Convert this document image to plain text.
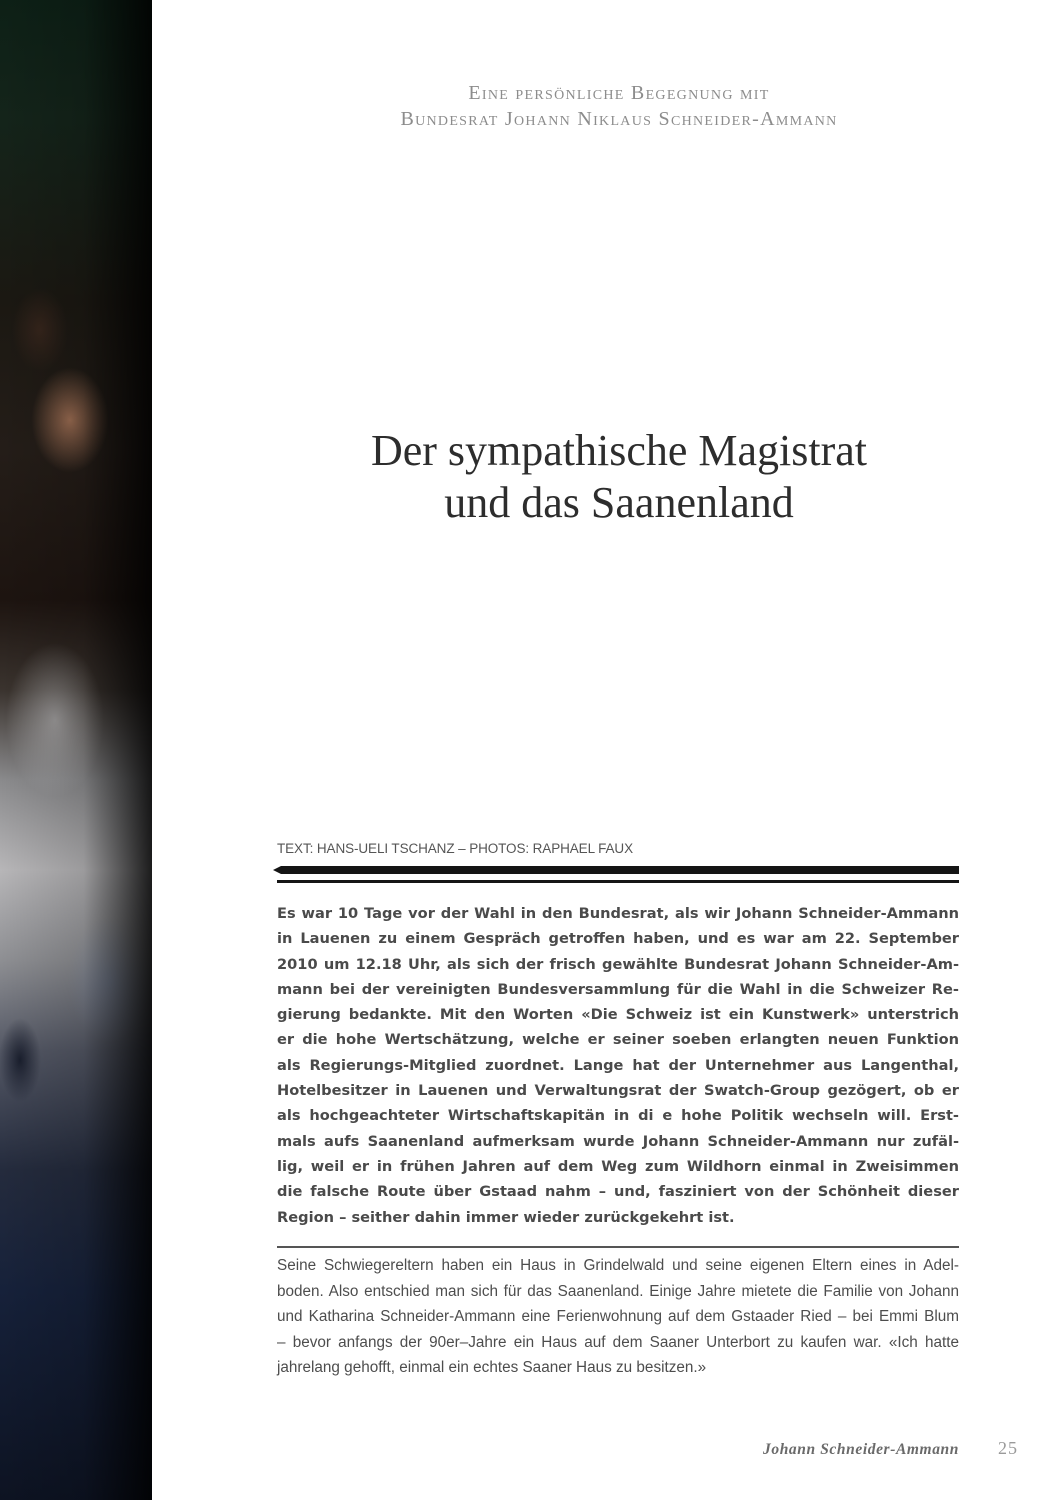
Eine persönliche Begegnung mit
Bundesrat Johann Niklaus Schneider-Ammann
Der sympathische Magistrat
und das Saanenland
TEXT: HANS-UELI TSCHANZ – PHOTOS: RAPHAEL FAUX
Es war 10 Tage vor der Wahl in den Bundesrat, als wir Johann Schneider-Ammann
in Lauenen zu einem Gespräch getroffen haben, und es war am 22. September
2010 um 12.18 Uhr, als sich der frisch gewählte Bundesrat Johann Schneider-Am-
mann bei der vereinigten Bundesversammlung für die Wahl in die Schweizer Re-
gierung bedankte. Mit den Worten «Die Schweiz ist ein Kunstwerk» unterstrich
er die hohe Wertschätzung, welche er seiner soeben erlangten neuen Funktion
als Regierungs-Mitglied zuordnet. Lange hat der Unternehmer aus Langenthal,
Hotelbesitzer in Lauenen und Verwaltungsrat der Swatch-Group gezögert, ob er
als hochgeachteter Wirtschaftskapitän in di e hohe Politik wechseln will. Erst-
mals aufs Saanenland aufmerksam wurde Johann Schneider-Ammann nur zufäl-
lig, weil er in frühen Jahren auf dem Weg zum Wildhorn einmal in Zweisimmen
die falsche Route über Gstaad nahm – und, fasziniert von der Schönheit dieser
Region – seither dahin immer wieder zurückgekehrt ist.
Seine Schwiegereltern haben ein Haus in Grindelwald und seine eigenen Eltern eines in Adel-
boden. Also entschied man sich für das Saanenland. Einige Jahre mietete die Familie von Johann
und Katharina Schneider-Ammann eine Ferienwohnung auf dem Gstaader Ried – bei Emmi Blum
– bevor anfangs der 90er–Jahre ein Haus auf dem Saaner Unterbort zu kaufen war. «Ich hatte
jahrelang gehofft, einmal ein echtes Saaner Haus zu besitzen.»
Johann Schneider-Ammann 25
